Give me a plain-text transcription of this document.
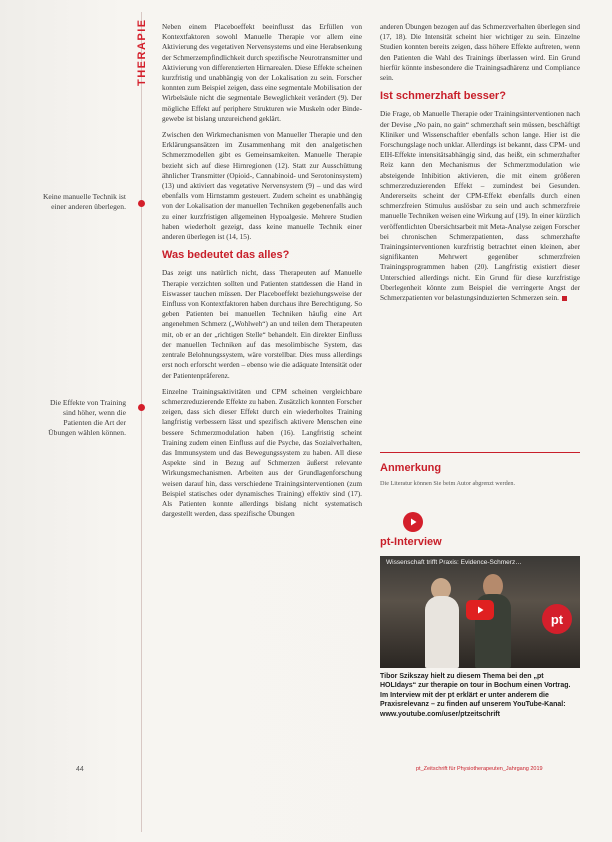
THERAPIE
Keine manuelle Technik ist einer anderen überlegen.
Die Effekte von Training sind höher, wenn die Patienten die Art der Übungen wählen können.

Neben einem Placeboeffekt beeinflusst das Erfüllen von Kontextfaktoren sowohl Manuelle Therapie vor allem eine Aktivierung des vegetativen Nervensystems und eine Herabsenkung der Schmerzempfindlichkeit durch spezifische Neurotransmitter und Aktivierung von differenzierten Hirnarealen. Diese Effekte scheinen kurzfristig und unabhängig von der Lokalisation zu sein. Forscher konnten zum Beispiel zeigen, dass eine segmentale Mobilisation der Wirbelsäule nicht die segmentale Beweglichkeit verändert (9). Der mögliche Effekt auf periphere Strukturen wie Muskeln oder Bindegewebe ist bislang unzureichend geklärt.

Zwischen den Wirkmechanismen von Manueller Therapie und den Erklärungsansätzen im Zusammenhang mit den analgetischen Schmerzmodellen gibt es Gemeinsamkeiten. Manuelle Therapie bezieht sich auf diese Hirnregionen (12). Statt zur Ausschüttung ähnlicher Transmitter (Opioid-, Cannabinoid- und Serotoninsystem) (13) und aktiviert das vegetative Nervensystem (9) – und das wird ebenfalls vom Hirnstamm gesteuert. Zudem scheint es unabhängig von der Lokalisation der manuellen Techniken gegebenenfalls auch zu einer kurzfristigen allgemeinen Hypoalgesie. Mehrere Studien haben wiederholt gezeigt, dass keine manuelle Technik einer anderen überlegen ist (14, 15).

Was bedeutet das alles?

Das zeigt uns natürlich nicht, dass Therapeuten auf Manuelle Therapie verzichten sollten und Patienten stattdessen die Hand in Eiswasser tauchen müssen. Der Placeboeffekt beziehungsweise der Einfluss von Kontextfaktoren haben durchaus ihre Berechtigung. So geben Patienten bei manuellen Techniken häufig eine Art angenehmen Schmerz („Wohlweh“) an und teilen dem Therapeuten mit, ob er an der „richtigen Stelle“ behandelt. Ein direkter Einfluss der manuellen Techniken auf das mesolimbische System, das zentrale Belohnungssystem, wäre vorstellbar. Dies muss allerdings erst noch erforscht werden – ebenso wie die adäquate Intensität oder der Patientenpräferenz.

Einzelne Trainingsaktivitäten und CPM scheinen vergleichbare schmerzreduzierende Effekte zu haben. Zusätzlich konnten Forscher zeigen, dass sich dieser Effekt durch ein wiederholtes Training langfristig verbessern lässt und spezifisch aktivere Menschen eine bessere Schmerzmodulation haben (16). Langfristig scheint Training zudem einen Einfluss auf die Psyche, das Sozialverhalten, das Immunsystem und das Bewegungssystem zu haben. All diese Aspekte sind in Bezug auf Schmerzen äußerst relevante Wirkungsmechanismen. Arbeiten aus der Grundlagenforschung weisen darauf hin, dass verschiedene Trainingsinterventionen (zum Beispiel statisches oder dynamisches Training) effektiv sind (17). Als Patienten konnte allerdings bislang nicht systematisch dargestellt werden, dass spezifische Übungen

anderen Übungen bezogen auf das Schmerzverhalten überlegen sind (17, 18). Die Intensität scheint hier wichtiger zu sein. Einzelne Studien konnten bereits zeigen, dass höhere Effekte auftreten, wenn den Patienten die Wahl des Trainings überlassen wird. Ein Grund hierfür könnte insbesondere die Trainingsadhärenz und Compliance sein.

Ist schmerzhaft besser?

Die Frage, ob Manuelle Therapie oder Trainingsinterventionen nach der Devise „No pain, no gain“ schmerzhaft sein müssen, beschäftigt Kliniker und Wissenschaftler ebenfalls schon lange. Hier ist die Forschungslage noch unklar. Allerdings ist bekannt, dass CPM- und EIH-Effekte intensitätsabhängig sind, das heißt, ein schmerzhafter Reiz kann den Mechanismus der Schmerzmodulation wie absteigende Inhibition aktivieren, die mit einem größeren schmerzreduzierenden Effekt – zumindest bei Gesunden. Andererseits scheint der CPM-Effekt ebenfalls durch einen schmerzfreien Stimulus auslösbar zu sein und auch schmerzfreie manuelle Techniken weisen eine Wirkung auf (19). In einer kürzlich veröffentlichten Übersichtsarbeit mit Meta-Analyse zeigen Forscher bei chronischen Schmerzpatienten, dass schmerzhafte Trainingsinterventionen kurzfristig betrachtet einen kleinen, aber signifikanten Mehrwert gegenüber schmerzfreien Trainingsprogrammen haben (20). Langfristig existiert dieser Unterschied allerdings nicht. Ein Grund für diese kurzfristige Überlegenheit könnte zum Beispiel die verringerte Angst der Schmerzpatienten vor belastungsinduzierten Schmerzen sein.

Anmerkung
Die Literatur können Sie beim Autor abgrenzt werden.
pt-Interview
Wissenschaft trifft Praxis: Evidence-Schmerz…
pt
Tibor Szikszay hielt zu diesem Thema bei den „pt HOLIdays“ zur therapie on tour in Bochum einen Vortrag. Im Interview mit der pt erklärt er unter anderem die Praxisrelevanz – zu finden auf unserem YouTube-Kanal: www.youtube.com/user/ptzeitschrift
44	pt_Zeitschrift für Physiotherapeuten_Jahrgang 2019
